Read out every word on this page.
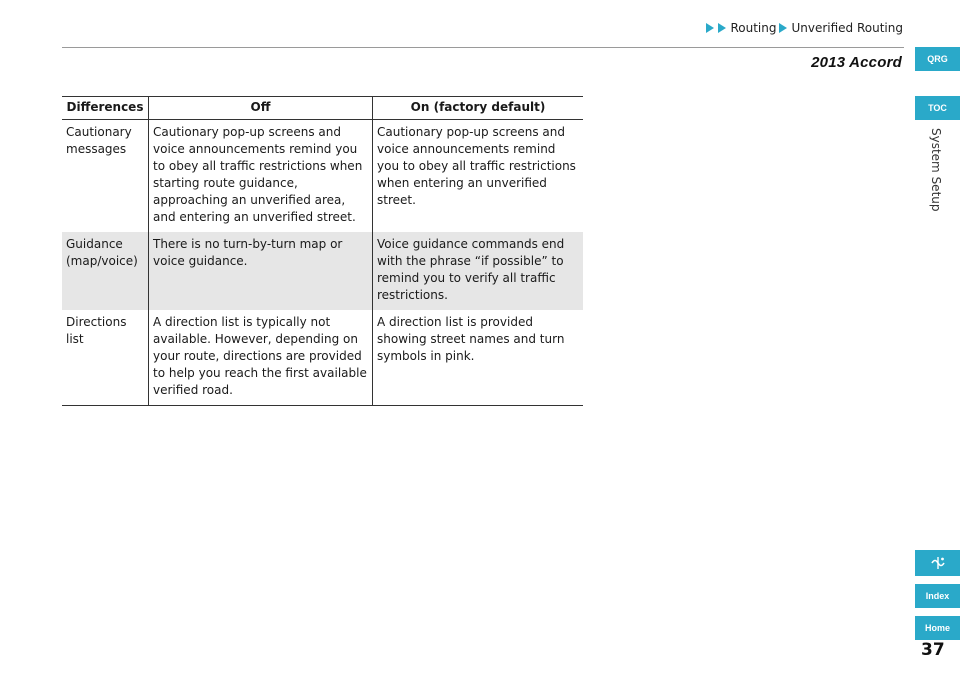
Routing Unverified Routing
2013 Accord	QRG
TOC
System Setup
Index
Home
37
Differences	Off	On (factory default)
Cautionary messages	Cautionary pop-up screens and voice announcements remind you to obey all traffic restrictions when starting route guidance, approaching an unverified area, and entering an unverified street.	Cautionary pop-up screens and voice announcements remind you to obey all traffic restrictions when entering an unverified street.
Guidance (map/voice)	There is no turn-by-turn map or voice guidance.	Voice guidance commands end with the phrase “if possible” to remind you to verify all traffic restrictions.
Directions list	A direction list is typically not available. However, depending on your route, directions are provided to help you reach the first available verified road.	A direction list is provided showing street names and turn symbols in pink.
